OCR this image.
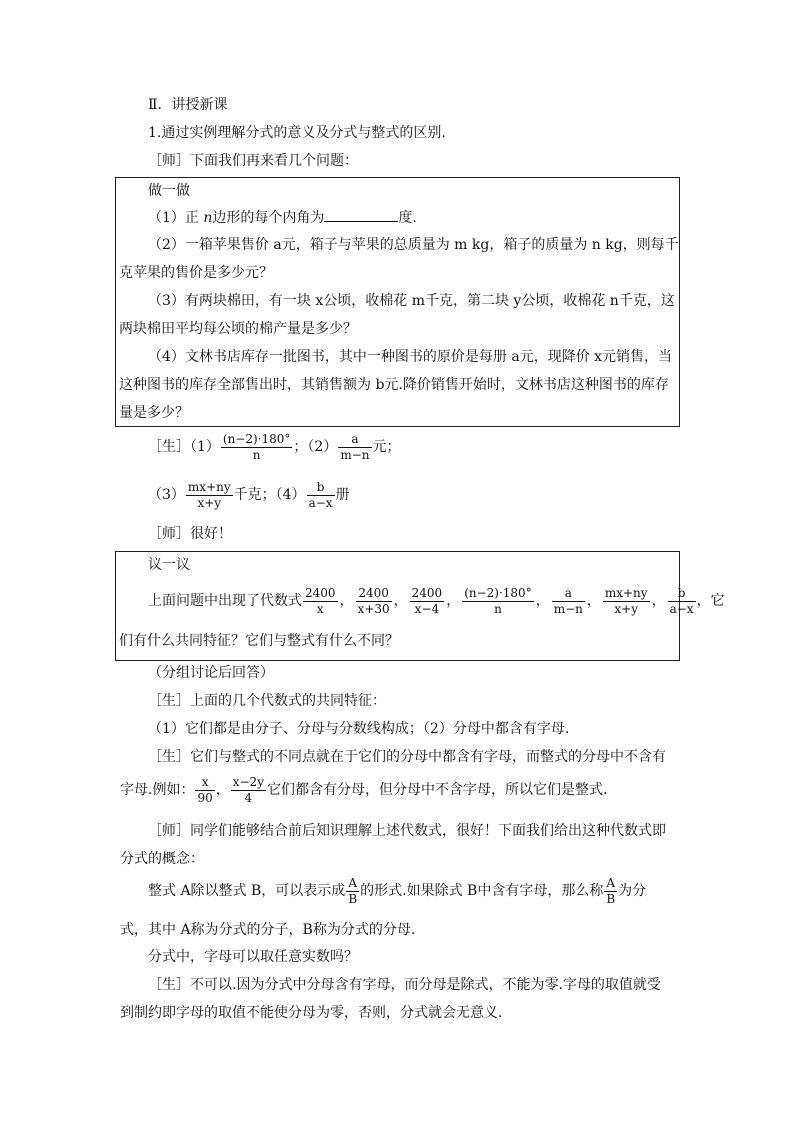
Ⅱ．讲授新课
1.通过实例理解分式的意义及分式与整式的区别.
［师］下面我们再来看几个问题：
做一做
（1）正 n边形的每个内角为	度.
（2）一箱苹果售价 a元，箱子与苹果的总质量为 m kg，箱子的质量为 n kg，则每千
克苹果的售价是多少元？
（3）有两块棉田，有一块 x公顷，收棉花 m千克，第二块 y公顷，收棉花 n千克，这
两块棉田平均每公顷的棉产量是多少？
（4）文林书店库存一批图书，其中一种图书的原价是每册 a元，现降价 x元销售，当
这种图书的库存全部售出时，其销售额为 b元.降价销售开始时，文林书店这种图书的库存
量是多少？
［生］（1） $\frac{(n-2)\cdot 180^\circ}{n}$ ；$(2) \frac{a}{m-n}$ 元；
$(3) \frac{mx+ny}{x+y}$ 千克；$(4) \frac{b}{a-x}$ 册
［师］很好！
议一议
上面问题中出现了代数式 $\frac{2400}{x}$ ， $\frac{2400}{x+30}$ ， $\frac{2400}{x-4}$ ， $\frac{(n-2)\cdot 180^\circ}{n}$ ， $\frac{a}{m-n}$ ， $\frac{mx+ny}{x+y}$ ， $\frac{b}{a-x}$ ，它
们有什么共同特征？它们与整式有什么不同？
（分组讨论后回答）
［生］上面的几个代数式的共同特征：
（1）它们都是由分子、分母与分数线构成；（2）分母中都含有字母.
［生］它们与整式的不同点就在于它们的分母中都含有字母，而整式的分母中不含有
字母.例如： $\frac{x}{90}$ ， $\frac{x-2y}{4}$ 它们都含有分母，但分母中不含字母，所以它们是整式.
［师］同学们能够结合前后知识理解上述代数式，很好！下面我们给出这种代数式即
分式的概念：
整式 A除以整式 B，可以表示成 $\frac{A}{B}$ 的形式.如果除式 B中含有字母，那么称 $\frac{A}{B}$ 为分
式，其中 A称为分式的分子，B称为分式的分母.
分式中，字母可以取任意实数吗？
［生］不可以.因为分式中分母含有字母，而分母是除式，不能为零.字母的取值就受
到制约即字母的取值不能使分母为零，否则，分式就会无意义.
